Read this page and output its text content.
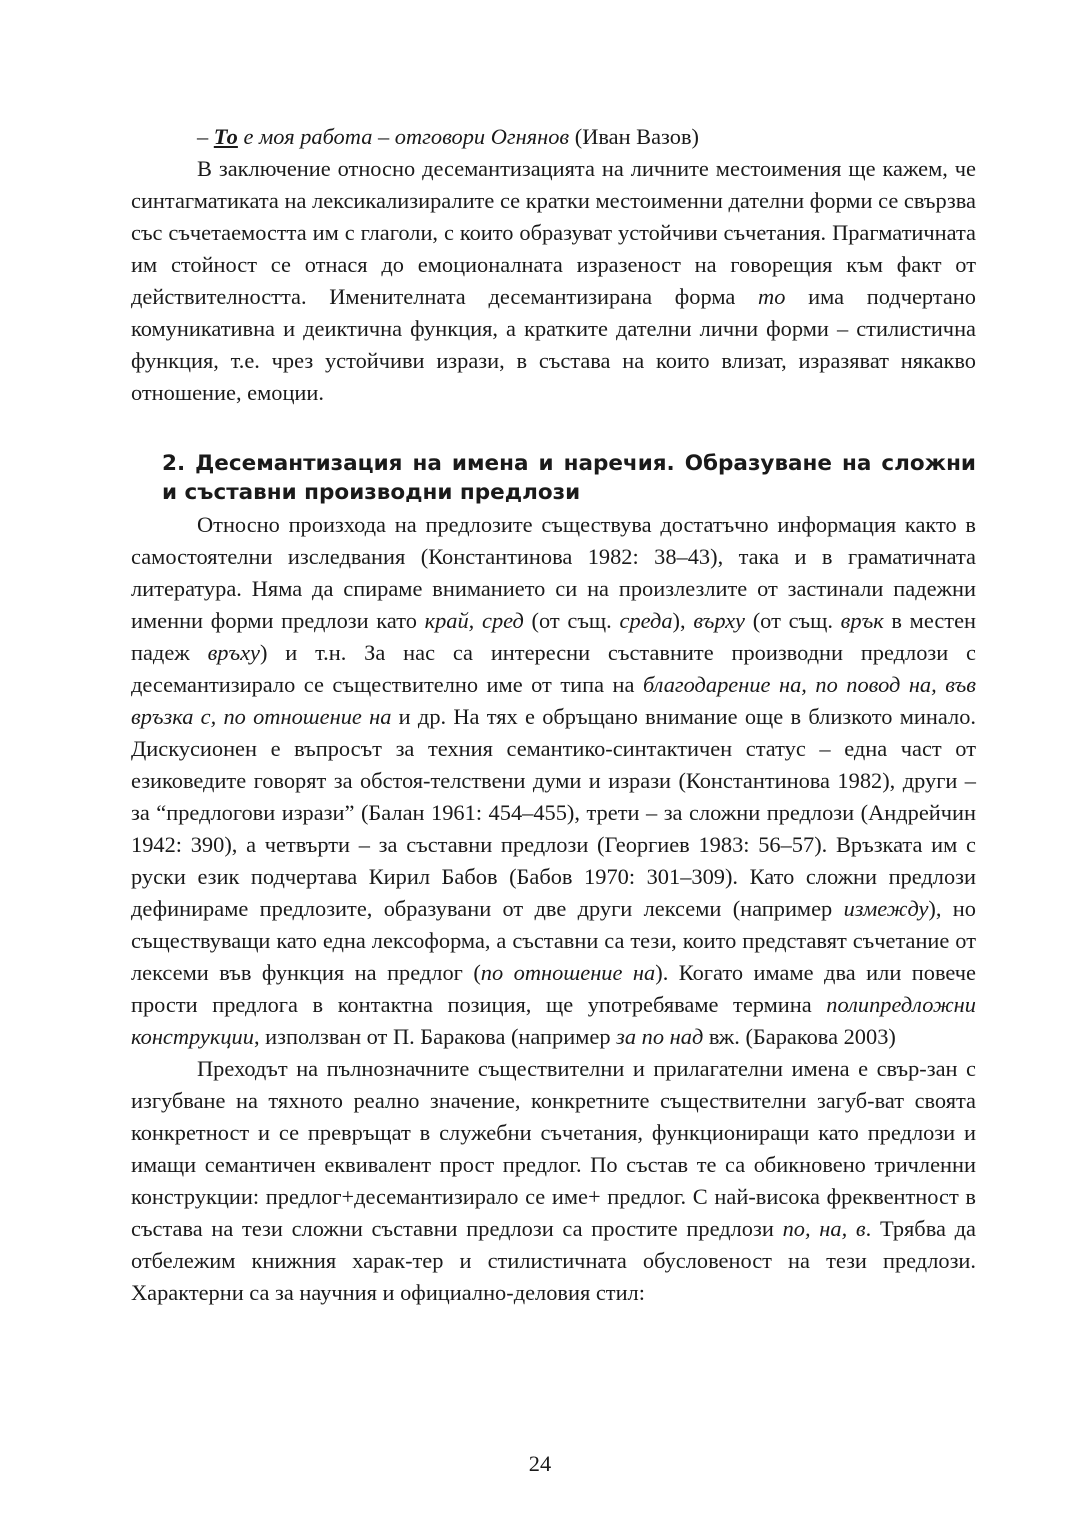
– То е моя работа – отговори Огнянов (Иван Вазов)

В заключение относно десемантизацията на личните местоимения ще кажем, че синтагматиката на лексикализиралите се кратки местоименни дателни форми се свързва със съчетаемостта им с глаголи, с които образуват устойчиви съчетания. Прагматичната им стойност се отнася до емоционалната изразеност на говорещия към факт от действителността. Именителната десемантизирана форма то има подчертано комуникативна и деиктична функция, а кратките дателни лични форми – стилистична функция, т.е. чрез устойчиви изрази, в състава на които влизат, изразяват някакво отношение, емоции.

2. Десемантизация на имена и наречия. Образуване на сложни и съставни производни предлози

Относно произхода на предлозите съществува достатъчно информация както в самостоятелни изследвания (Константинова 1982: 38–43), така и в граматичната литература. Няма да спираме вниманието си на произлезлите от застинали падежни именни форми предлози като край, сред (от същ. среда), върху (от същ. врък в местен падеж връху) и т.н. За нас са интересни съставните производни предлози с десемантизирало се съществително име от типа на благодарение на, по повод на, във връзка с, по отношение на и др. На тях е обръщано внимание още в близкото минало. Дискусионен е въпросът за техния семантико-синтактичен статус – една част от езиковедите говорят за обстоя-телствени думи и изрази (Константинова 1982), други – за “предлогови изрази” (Балан 1961: 454–455), трети – за сложни предлози (Андрейчин 1942: 390), а четвърти – за съставни предлози (Георгиев 1983: 56–57). Връзката им с руски език подчертава Кирил Бабов (Бабов 1970: 301–309). Като сложни предлози дефинираме предлозите, образувани от две други лексеми (например измежду), но съществуващи като една лексоформа, а съставни са тези, които представят съчетание от лексеми във функция на предлог (по отношение на). Когато имаме два или повече прости предлога в контактна позиция, ще употребяваме термина полипредложни конструкции, използван от П. Баракова (например за по над вж. (Баракова 2003)

Преходът на пълнозначните съществителни и прилагателни имена е свър-зан с изгубване на тяхното реално значение, конкретните съществителни загуб-ват своята конкретност и се превръщат в служебни съчетания, функциониращи като предлози и имащи семантичен еквивалент прост предлог. По състав те са обикновено тричленни конструкции: предлог+десемантизирало се име+ предлог. С най-висока фреквентност в състава на тези сложни съставни предлози са простите предлози по, на, в. Трябва да отбележим книжния харак-тер и стилистичната обусловеност на тези предлози. Характерни са за научния и официално-деловия стил:

24
